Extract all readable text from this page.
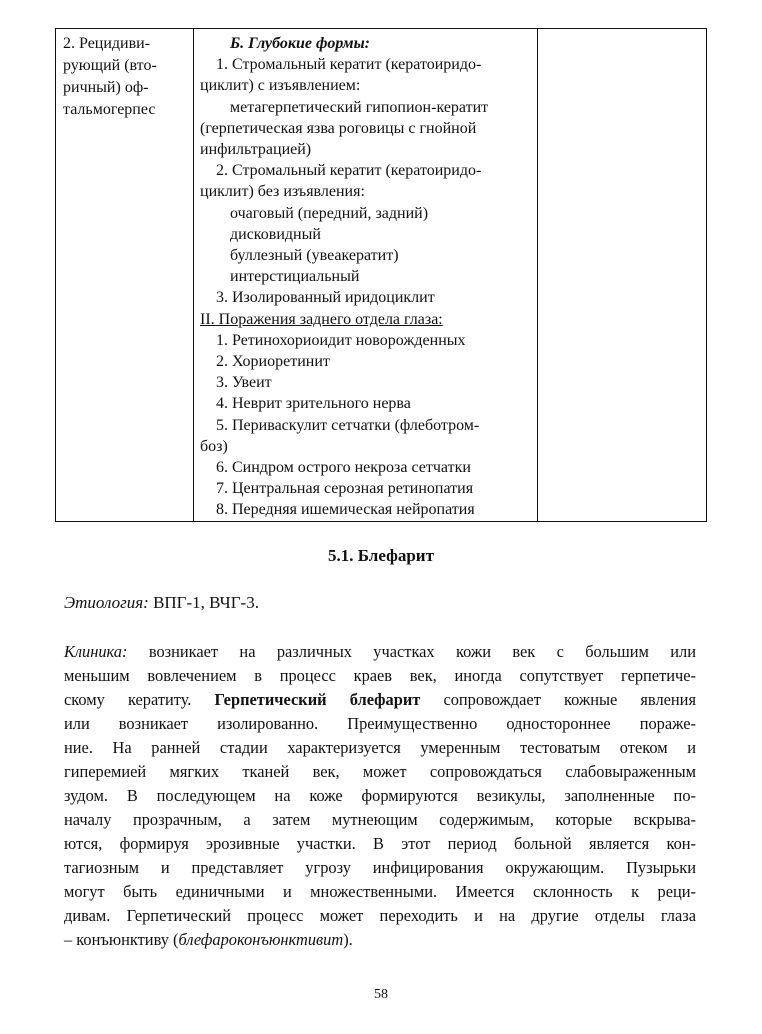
2. Рецидиви-
рующий (вто-
ричный) оф-
тальмогерпес
Б. Глубокие формы:
1. Стромальный кератит (кератоиридо-
циклит) с изъявлением:
метагерпетический гипопион-кератит
(герпетическая язва роговицы с гнойной
инфильтрацией)
2. Стромальный кератит (кератоиридо-
циклит) без изъявления:
очаговый (передний, задний)
дисковидный
буллезный (увеакератит)
интерстициальный
3. Изолированный иридоциклит
II. Поражения заднего отдела глаза:
1. Ретинохориоидит новорожденных
2. Хориоретинит
3. Увеит
4. Неврит зрительного нерва
5. Периваскулит сетчатки (флеботром-
боз)
6. Синдром острого некроза сетчатки
7. Центральная серозная ретинопатия
8. Передняя ишемическая нейропатия
5.1. Блефарит

Этиология: ВПГ-1, ВЧГ-3.

Клиника: возникает на различных участках кожи век с большим или
меньшим вовлечением в процесс краев век, иногда сопутствует герпетиче-
скому кератиту. Герпетический блефарит сопровождает кожные явления
или возникает изолированно. Преимущественно одностороннее пораже-
ние. На ранней стадии характеризуется умеренным тестоватым отеком и
гиперемией мягких тканей век, может сопровождаться слабовыраженным
зудом. В последующем на коже формируются везикулы, заполненные по-
началу прозрачным, а затем мутнеющим содержимым, которые вскрыва-
ются, формируя эрозивные участки. В этот период больной является кон-
тагиозным и представляет угрозу инфицирования окружающим. Пузырьки
могут быть единичными и множественными. Имеется склонность к реци-
дивам. Герпетический процесс может переходить и на другие отделы глаза
– конъюнктиву (блефароконъюнктивит).

58
